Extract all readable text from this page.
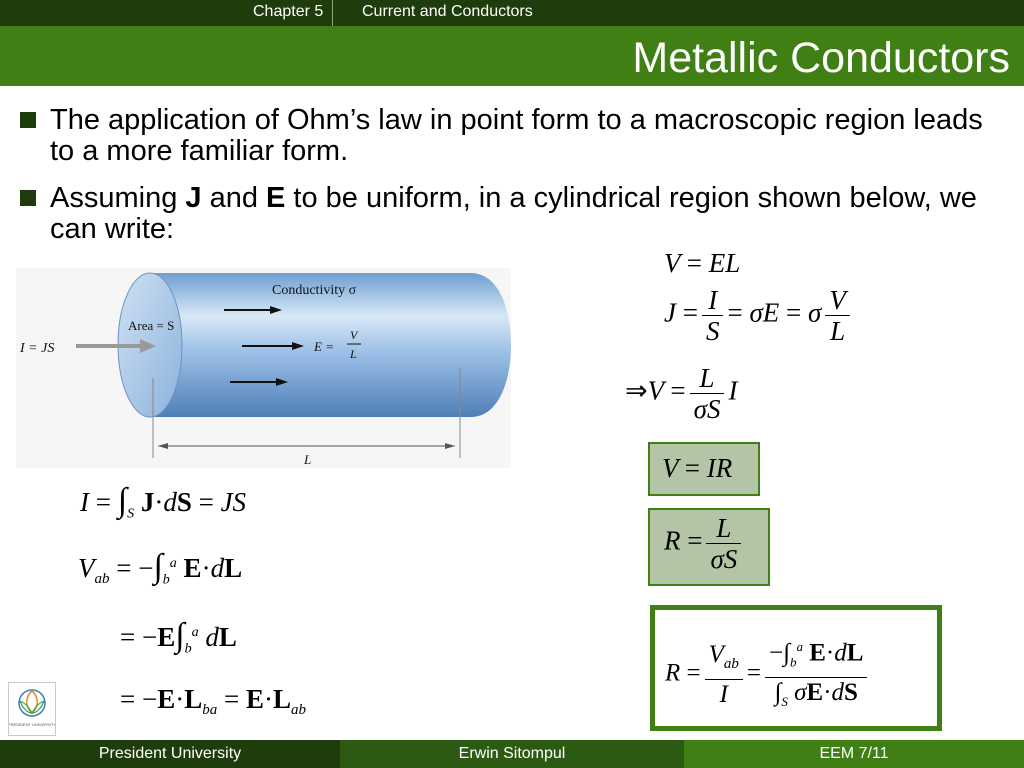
Chapter 5	Current and Conductors
Metallic Conductors
The application of Ohm’s law in point form to a macroscopic region leads to a more familiar form.
Assuming J and E to be uniform, in a cylindrical region shown below, we can write:
Conductivity σ
Area = S
I = JS	E =
V
L
L
V = EL
$J = \frac{I}{S} = \sigma E = \sigma \frac{V}{L}$
⇒V = $\frac{L}{\sigma S}$ I
V = IR
$R = \frac{L}{\sigma S}$
$R = \frac{V_{ab}}{I} = \frac{-\int_b^a E\cdot dL}{\int_S \sigma E\cdot dS}$
$I = \int_S$ J·dS = JS
$V_{ab} = -\int_b^a$ E·dL
= $-E\int_b^a$ dL
= $-E\cdot L_{ba} = E\cdot L_{ab}$
PRESIDENT UNIVERSITY
President University	Erwin Sitompul	EEM 7/11
